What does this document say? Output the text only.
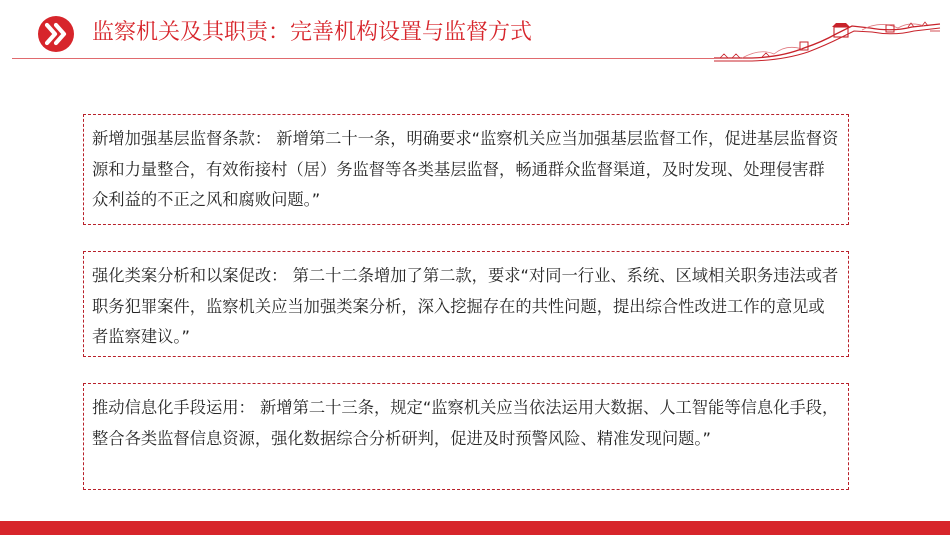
监察机关及其职责：完善机构设置与监督方式

新增加强基层监督条款： 新增第二十一条，明确要求“监察机关应当加强基层监督工作，促进基层监督资源和力量整合，有效衔接村（居）务监督等各类基层监督，畅通群众监督渠道，及时发现、处理侵害群众利益的不正之风和腐败问题。”

强化类案分析和以案促改： 第二十二条增加了第二款，要求“对同一行业、系统、区域相关职务违法或者职务犯罪案件，监察机关应当加强类案分析，深入挖掘存在的共性问题，提出综合性改进工作的意见或者监察建议。”

推动信息化手段运用： 新增第二十三条，规定“监察机关应当依法运用大数据、人工智能等信息化手段，整合各类监督信息资源，强化数据综合分析研判，促进及时预警风险、精准发现问题。”
